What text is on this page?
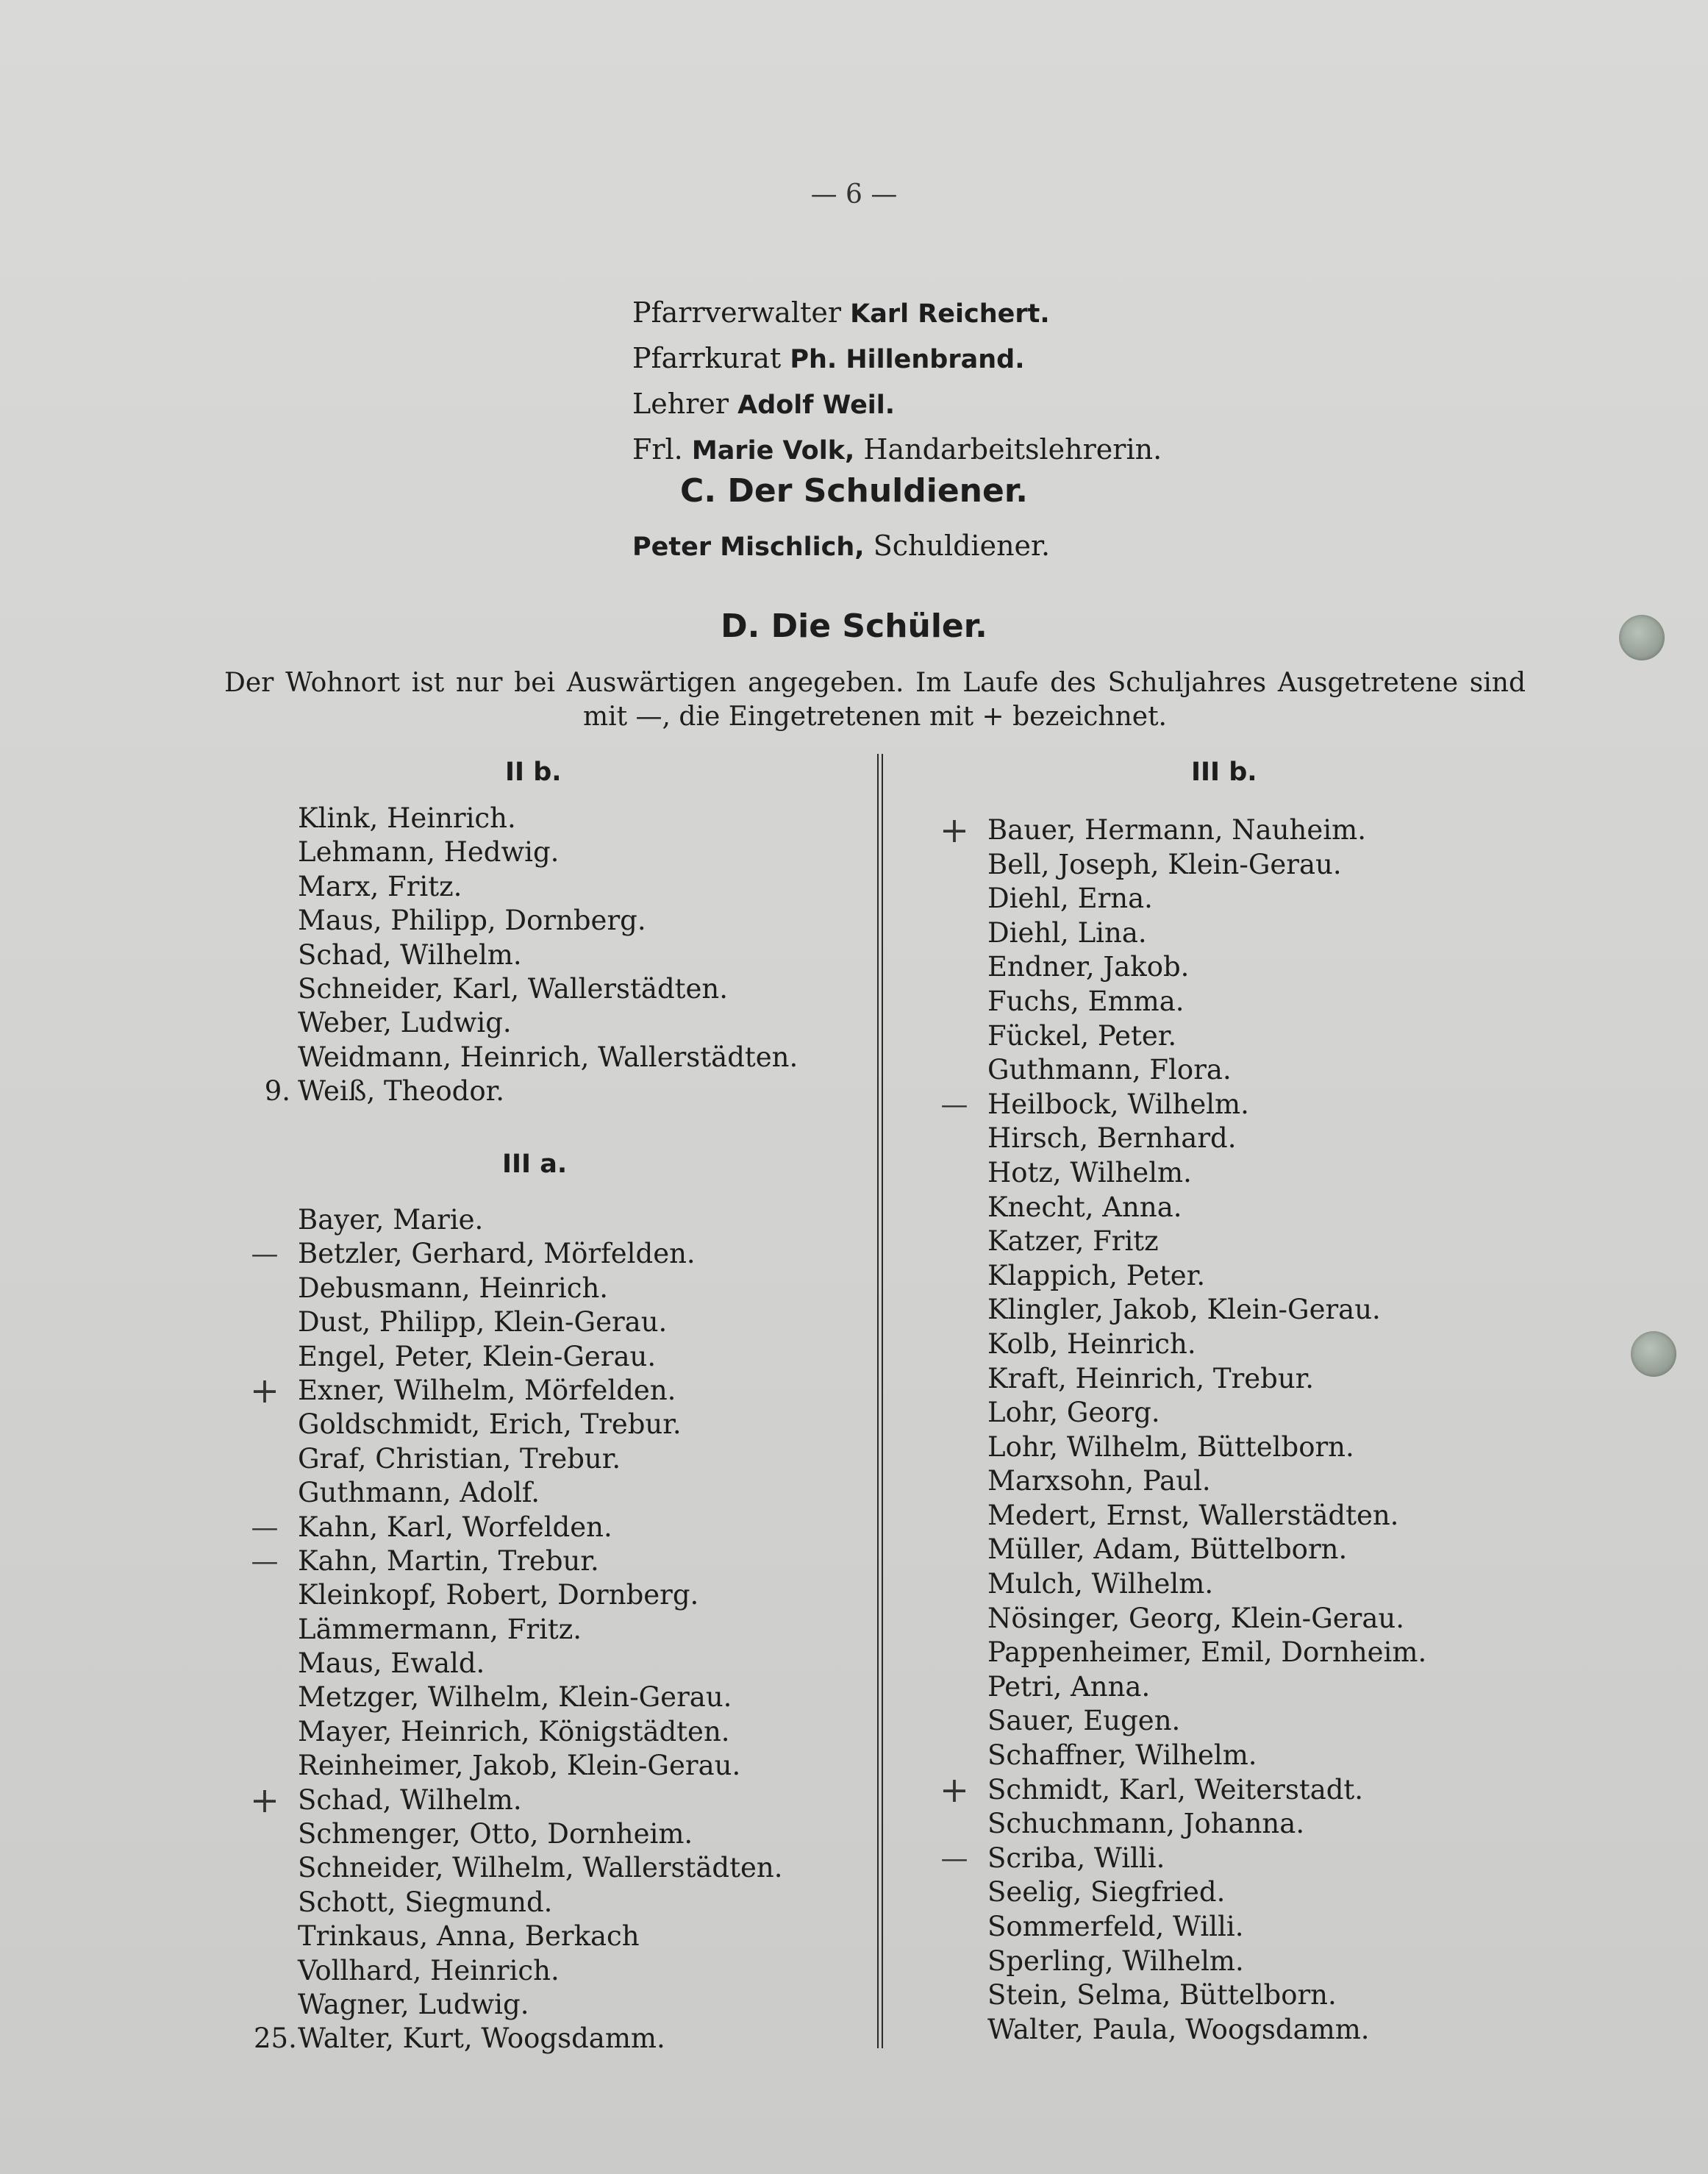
— 6 —
Pfarrverwalter Karl Reichert.
Pfarrkurat Ph. Hillenbrand.
Lehrer Adolf Weil.
Frl. Marie Volk, Handarbeitslehrerin.
C. Der Schuldiener.
Peter Mischlich, Schuldiener.
D. Die Schüler.
Der Wohnort ist nur bei Auswärtigen angegeben. Im Laufe des Schuljahres Ausgetretene sind
mit —, die Eingetretenen mit + bezeichnet.
II b.
Klink, Heinrich.
Lehmann, Hedwig.
Marx, Fritz.
Maus, Philipp, Dornberg.
Schad, Wilhelm.
Schneider, Karl, Wallerstädten.
Weber, Ludwig.
Weidmann, Heinrich, Wallerstädten.
9. Weiß, Theodor.
III a.
Bayer, Marie.
— Betzler, Gerhard, Mörfelden.
Debusmann, Heinrich.
Dust, Philipp, Klein-Gerau.
Engel, Peter, Klein-Gerau.
+ Exner, Wilhelm, Mörfelden.
Goldschmidt, Erich, Trebur.
Graf, Christian, Trebur.
Guthmann, Adolf.
— Kahn, Karl, Worfelden.
— Kahn, Martin, Trebur.
Kleinkopf, Robert, Dornberg.
Lämmermann, Fritz.
Maus, Ewald.
Metzger, Wilhelm, Klein-Gerau.
Mayer, Heinrich, Königstädten.
Reinheimer, Jakob, Klein-Gerau.
+ Schad, Wilhelm.
Schmenger, Otto, Dornheim.
Schneider, Wilhelm, Wallerstädten.
Schott, Siegmund.
Trinkaus, Anna, Berkach
Vollhard, Heinrich.
Wagner, Ludwig.
25. Walter, Kurt, Woogsdamm.
III b.
+ Bauer, Hermann, Nauheim.
Bell, Joseph, Klein-Gerau.
Diehl, Erna.
Diehl, Lina.
Endner, Jakob.
Fuchs, Emma.
Fückel, Peter.
Guthmann, Flora.
— Heilbock, Wilhelm.
Hirsch, Bernhard.
Hotz, Wilhelm.
Knecht, Anna.
Katzer, Fritz
Klappich, Peter.
Klingler, Jakob, Klein-Gerau.
Kolb, Heinrich.
Kraft, Heinrich, Trebur.
Lohr, Georg.
Lohr, Wilhelm, Büttelborn.
Marxsohn, Paul.
Medert, Ernst, Wallerstädten.
Müller, Adam, Büttelborn.
Mulch, Wilhelm.
Nösinger, Georg, Klein-Gerau.
Pappenheimer, Emil, Dornheim.
Petri, Anna.
Sauer, Eugen.
Schaffner, Wilhelm.
+ Schmidt, Karl, Weiterstadt.
Schuchmann, Johanna.
— Scriba, Willi.
Seelig, Siegfried.
Sommerfeld, Willi.
Sperling, Wilhelm.
Stein, Selma, Büttelborn.
Walter, Paula, Woogsdamm.
